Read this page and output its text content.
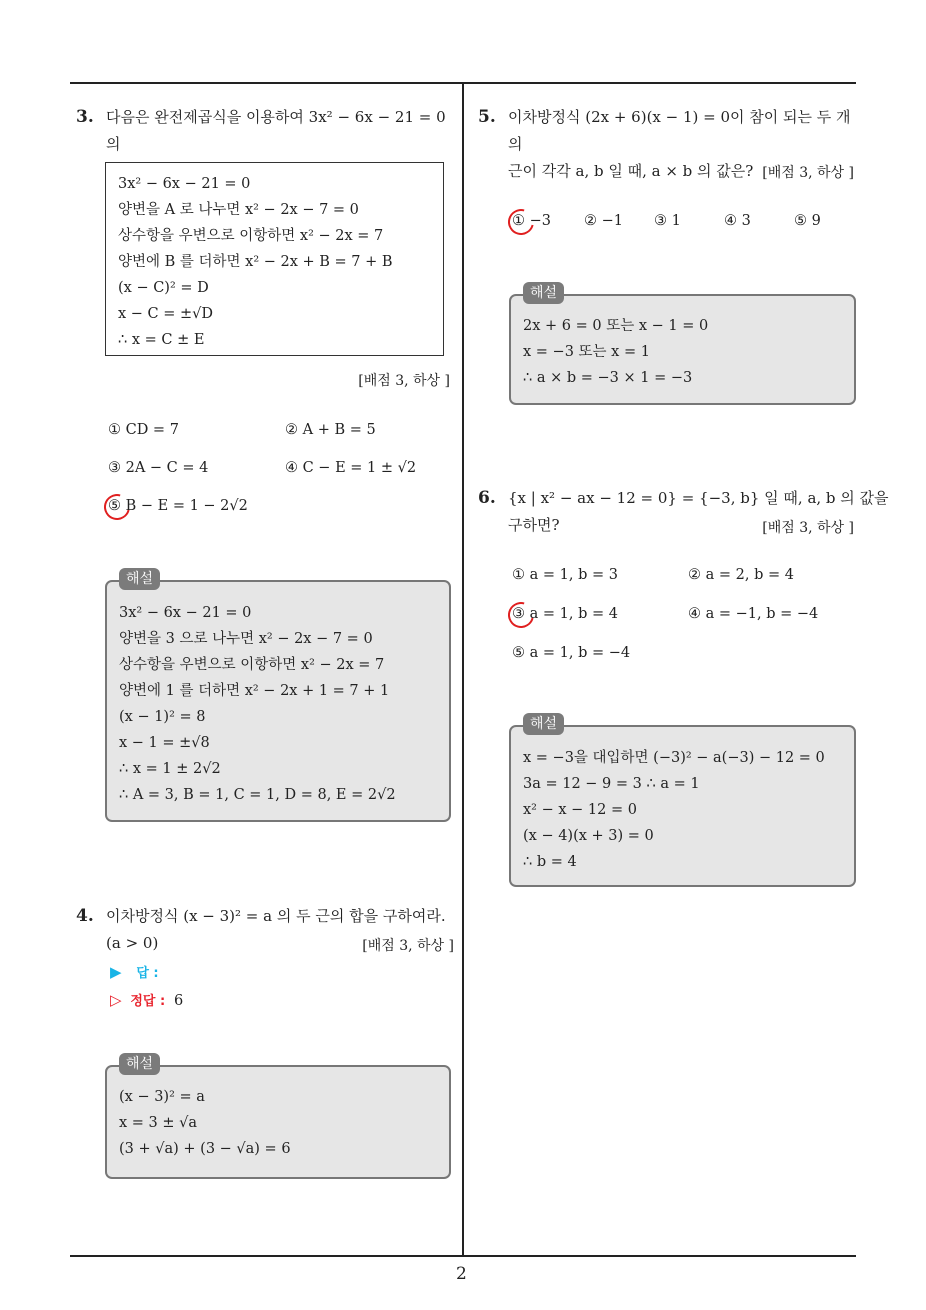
3. 다음은 완전제곱식을 이용하여 3x² − 6x − 21 = 0 의
3x² − 6x − 21 = 0
양변을 A 로 나누면 x² − 2x − 7 = 0
상수항을 우변으로 이항하면 x² − 2x = 7
양변에 B 를 더하면 x² − 2x + B = 7 + B
(x − C)² = D
x − C = ±√D
∴ x = C ± E
[배점 3, 하상 ]
① CD = 7	② A + B = 5
③ 2A − C = 4	④ C − E = 1 ± √2
⑤ B − E = 1 − 2√2
3x² − 6x − 21 = 0
양변을 3 으로 나누면 x² − 2x − 7 = 0
상수항을 우변으로 이항하면 x² − 2x = 7
양변에 1 를 더하면 x² − 2x + 1 = 7 + 1
(x − 1)² = 8
x − 1 = ±√8
∴ x = 1 ± 2√2
∴ A = 3, B = 1, C = 1, D = 8, E = 2√2
해설
4. 이차방정식 (x − 3)² = a 의 두 근의 합을 구하여라.
(a > 0)	[배점 3, 하상 ]
▶ 답 :
▷ 정답 : 6
(x − 3)² = a
x = 3 ± √a
(3 + √a) + (3 − √a) = 6
해설
5. 이차방정식 (2x + 6)(x − 1) = 0이 참이 되는 두 개의
근이 각각 a, b 일 때, a × b 의 값은? [배점 3, 하상 ]
① −3 ② −1 ③ 1	④ 3	⑤ 9
2x + 6 = 0 또는 x − 1 = 0
x = −3 또는 x = 1
∴ a × b = −3 × 1 = −3
해설
6. {x | x² − ax − 12 = 0} = {−3, b} 일 때, a, b 의 값을
구하면?	[배점 3, 하상 ]
① a = 1, b = 3	② a = 2, b = 4
③ a = 1, b = 4	④ a = −1, b = −4
⑤ a = 1, b = −4
x = −3을 대입하면 (−3)² − a(−3) − 12 = 0
3a = 12 − 9 = 3 ∴ a = 1
x² − x − 12 = 0
(x − 4)(x + 3) = 0
∴ b = 4
해설
2
